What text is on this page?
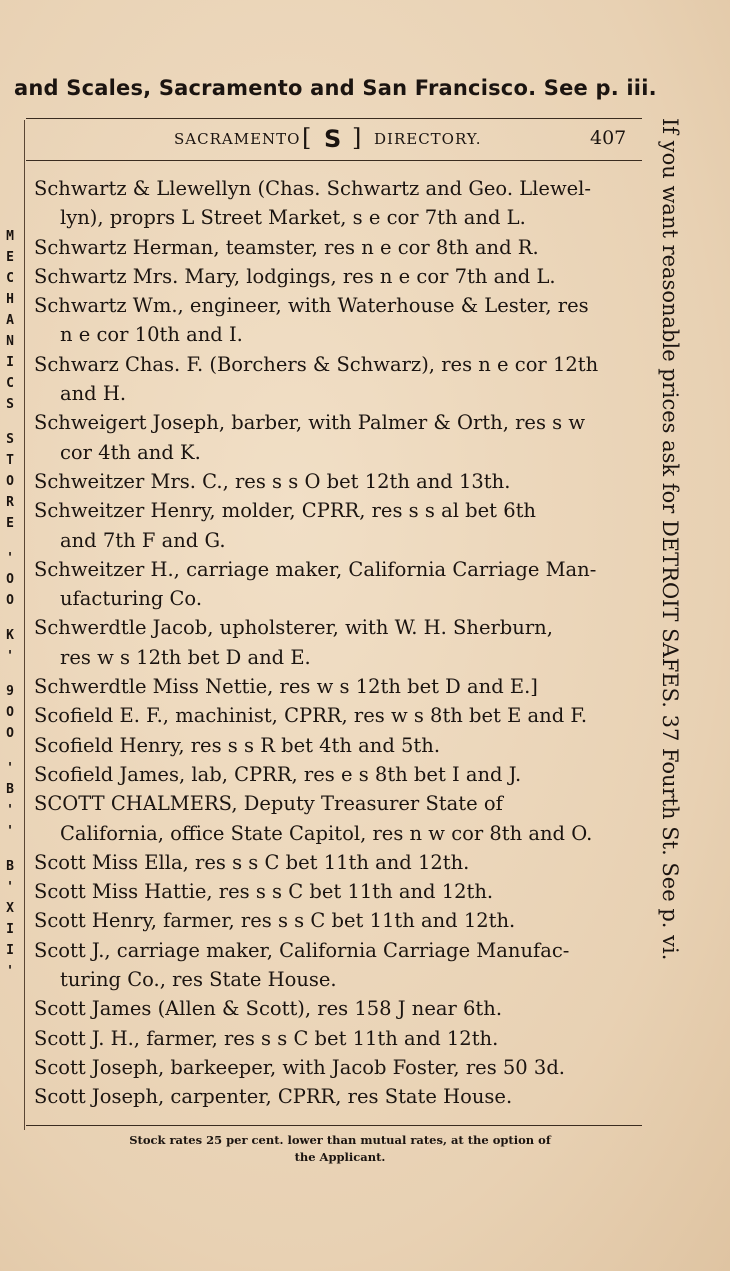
and Scales, Sacramento and San Francisco. See p. iii.
M
E
C
H
A
N
I
C
S
S
T
O
R
E
'
O
O
K
'
9
O
O
'
B
'
'
B
'
X
I
I
'
If you want reasonable prices ask for DETROIT SAFES. 37 Fourth St. See p. vi.
SACRAMENTO [ S ] DIRECTORY.	407
Schwartz & Llewellyn (Chas. Schwartz and Geo. Llewel-
lyn), proprs L Street Market, s e cor 7th and L.
Schwartz Herman, teamster, res n e cor 8th and R.
Schwartz Mrs. Mary, lodgings, res n e cor 7th and L.
Schwartz Wm., engineer, with Waterhouse & Lester, res
n e cor 10th and I.
Schwarz Chas. F. (Borchers & Schwarz), res n e cor 12th
and H.
Schweigert Joseph, barber, with Palmer & Orth, res s w
cor 4th and K.
Schweitzer Mrs. C., res s s O bet 12th and 13th.
Schweitzer Henry, molder, CPRR, res s s al bet 6th
and 7th F and G.
Schweitzer H., carriage maker, California Carriage Man-
ufacturing Co.
Schwerdtle Jacob, upholsterer, with W. H. Sherburn,
res w s 12th bet D and E.
Schwerdtle Miss Nettie, res w s 12th bet D and E.]
Scofield E. F., machinist, CPRR, res w s 8th bet E and F.
Scofield Henry, res s s R bet 4th and 5th.
Scofield James, lab, CPRR, res e s 8th bet I and J.
SCOTT CHALMERS, Deputy Treasurer State of
California, office State Capitol, res n w cor 8th and O.
Scott Miss Ella, res s s C bet 11th and 12th.
Scott Miss Hattie, res s s C bet 11th and 12th.
Scott Henry, farmer, res s s C bet 11th and 12th.
Scott J., carriage maker, California Carriage Manufac-
turing Co., res State House.
Scott James (Allen & Scott), res 158 J near 6th.
Scott J. H., farmer, res s s C bet 11th and 12th.
Scott Joseph, barkeeper, with Jacob Foster, res 50 3d.
Scott Joseph, carpenter, CPRR, res State House.
Stock rates 25 per cent. lower than mutual rates, at the option of
the Applicant.
